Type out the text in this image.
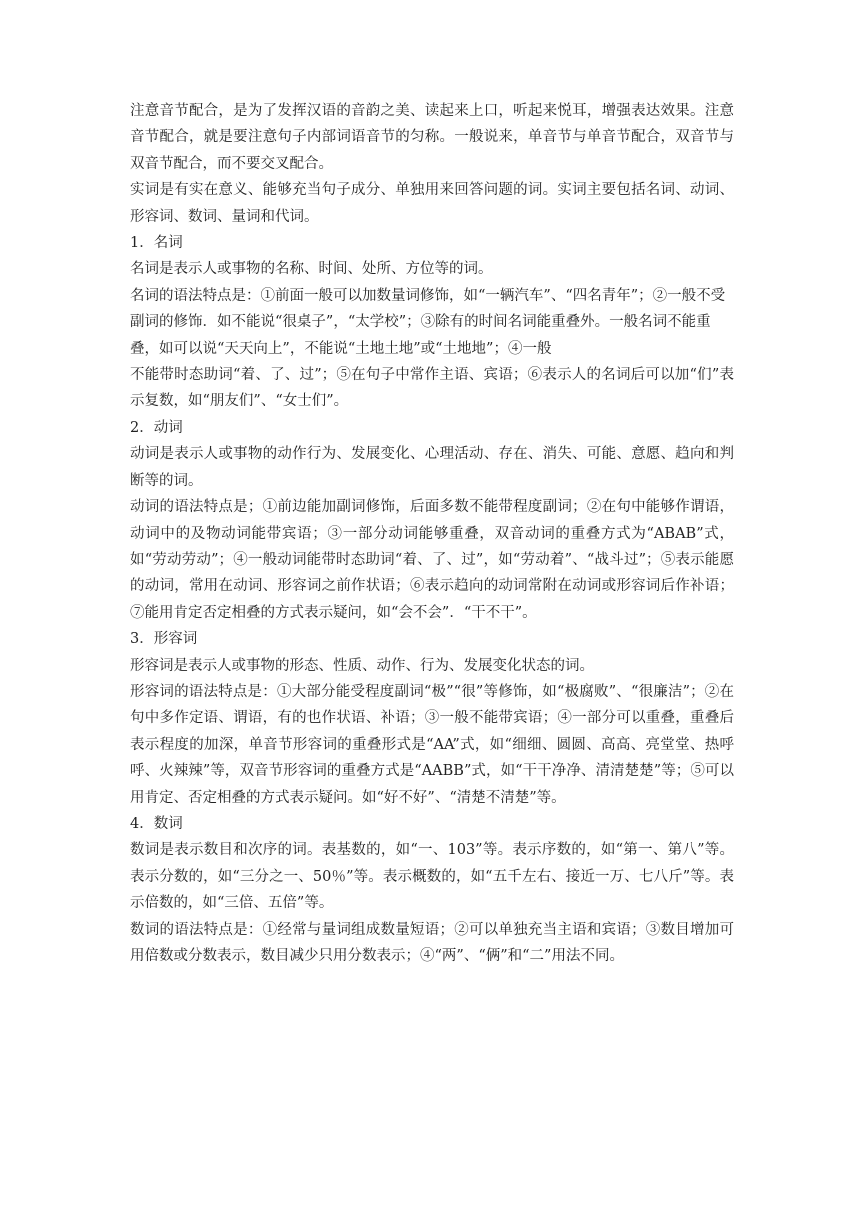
注意音节配合，是为了发挥汉语的音韵之美、读起来上口，听起来悦耳，增强表达效果。注意音节配合，就是要注意句子内部词语音节的匀称。一般说来，单音节与单音节配合，双音节与双音节配合，而不要交叉配合。

实词是有实在意义、能够充当句子成分、单独用来回答问题的词。实词主要包括名词、动词、形容词、数词、量词和代词。

1．名词

名词是表示人或事物的名称、时间、处所、方位等的词。

名词的语法特点是：①前面一般可以加数量词修饰，如“一辆汽车”、“四名青年”；②一般不受副词的修饰．如不能说“很桌子”，“太学校”；③除有的时间名词能重叠外。一般名词不能重叠，如可以说“天天向上”，不能说“土地土地”或“土地地”；④一般

不能带时态助词“着、了、过”；⑤在句子中常作主语、宾语；⑥表示人的名词后可以加“们”表示复数，如“朋友们”、“女士们”。

2．动词

动词是表示人或事物的动作行为、发展变化、心理活动、存在、消失、可能、意愿、趋向和判断等的词。

动词的语法特点是；①前边能加副词修饰，后面多数不能带程度副词；②在句中能够作谓语，动词中的及物动词能带宾语；③一部分动词能够重叠，双音动词的重叠方式为“ABAB”式，如“劳动劳动”；④一般动词能带时态助词“着、了、过”，如“劳动着”、“战斗过”；⑤表示能愿的动词，常用在动词、形容词之前作状语；⑥表示趋向的动词常附在动词或形容词后作补语；⑦能用肯定否定相叠的方式表示疑问，如“会不会”．“干不干”。

3．形容词

形容词是表示人或事物的形态、性质、动作、行为、发展变化状态的词。

形容词的语法特点是：①大部分能受程度副词“极”“很”等修饰，如“极腐败”、“很廉洁”；②在句中多作定语、谓语，有的也作状语、补语；③一般不能带宾语；④一部分可以重叠，重叠后表示程度的加深，单音节形容词的重叠形式是“AA”式，如“细细、圆圆、高高、亮堂堂、热呼呼、火辣辣”等，双音节形容词的重叠方式是“AABB”式，如“干干净净、清清楚楚”等；⑤可以用肯定、否定相叠的方式表示疑问。如“好不好”、“清楚不清楚”等。

4．数词

数词是表示数目和次序的词。表基数的，如“一、103”等。表示序数的，如“第一、第八”等。表示分数的，如“三分之一、50％”等。表示概数的，如“五千左右、接近一万、七八斤”等。表示倍数的，如“三倍、五倍”等。

数词的语法特点是：①经常与量词组成数量短语；②可以单独充当主语和宾语；③数目增加可用倍数或分数表示，数目减少只用分数表示；④“两”、“俩”和“二”用法不同。
